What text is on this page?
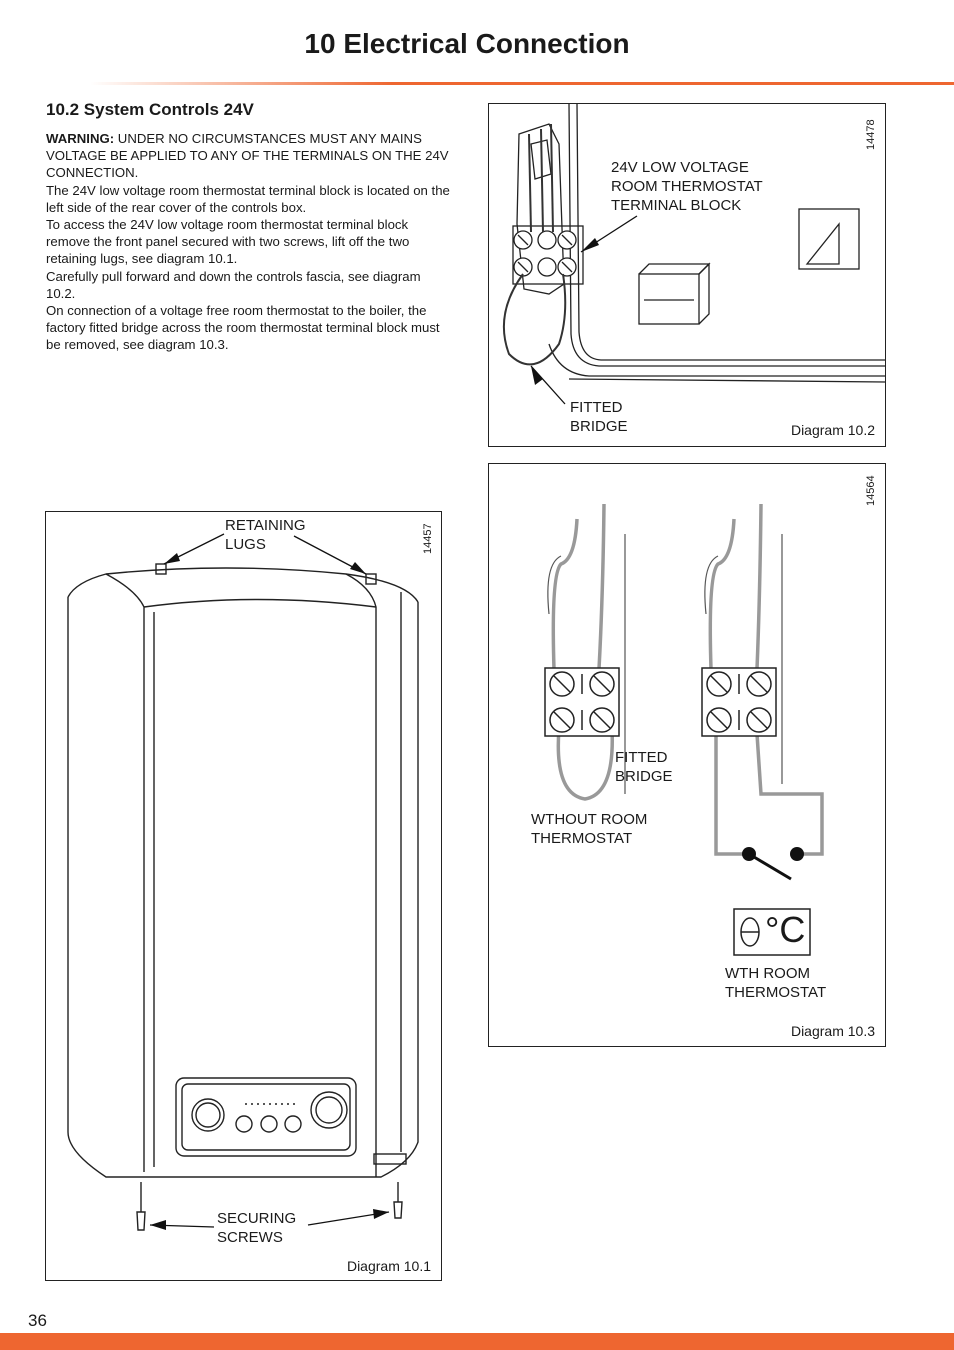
10 Electrical Connection
10.2 System Controls 24V

WARNING: UNDER NO CIRCUMSTANCES MUST ANY MAINS VOLTAGE BE APPLIED TO ANY OF THE TERMINALS ON THE 24V CONNECTION.

The 24V low voltage room thermostat terminal block is located on the left side of the rear cover of the controls box.

To access the 24V low voltage room thermostat terminal block remove the front panel secured with two screws, lift off the two retaining lugs, see diagram 10.1.

Carefully pull forward and down the controls fascia, see diagram 10.2.

On connection of a voltage free room thermostat to the boiler, the factory fitted bridge across the room thermostat terminal block must be removed, see diagram 10.3.

14478
24V LOW VOLTAGE
ROOM THERMOSTAT
TERMINAL BLOCK
FITTED
BRIDGE	Diagram 10.2
14564
°C
FITTED
BRIDGE
WTHOUT ROOM
THERMOSTAT
WTH ROOM
THERMOSTAT
Diagram 10.3
14457
RETAINING
LUGS
SECURING
SCREWS
Diagram 10.1
36
